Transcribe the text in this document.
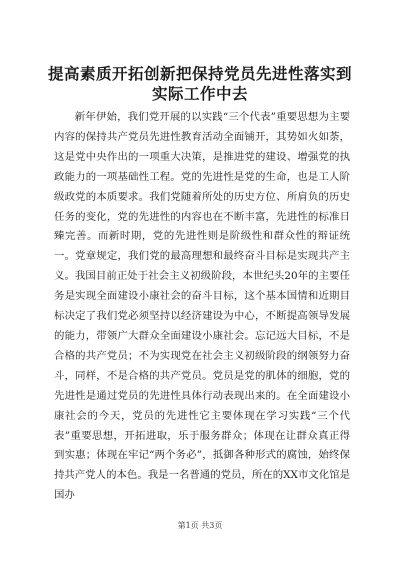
提高素质开拓创新把保持党员先进性落实到实际工作中去

新年伊始，我们党开展的以实践“三个代表”重要思想为主要内容的保持共产党员先进性教育活动全面铺开，其势如火如荼，这是党中央作出的一项重大决策，是推进党的建设、增强党的执政能力的一项基础性工程。党的先进性是党的生命，也是工人阶级政党的本质要求。我们党随着所处的历史方位、所肩负的历史任务的变化，党的先进性的内容也在不断丰富，先进性的标准日臻完善。而新时期，党的先进性则是阶级性和群众性的辩证统一。党章规定，我们党的最高理想和最终奋斗目标是实现共产主义。我国目前正处于社会主义初级阶段，本世纪头20年的主要任务是实现全面建设小康社会的奋斗目标，这个基本国情和近期目标决定了我们党必须坚持以经济建设为中心，不断提高领导发展的能力，带领广大群众全面建设小康社会。忘记远大目标，不是合格的共产党员；不为实现党在社会主义初级阶段的纲领努力奋斗，同样，不是合格的共产党员。党员是党的肌体的细胞，党的先进性是通过党员的先进性具体行动表现出来的。在全面建设小康社会的今天，党员的先进性它主要体现在学习实践“三个代表”重要思想，开拓进取，乐于服务群众；体现在让群众真正得到实惠；体现在牢记“两个务必”，抵御各种形式的腐蚀，始终保持共产党人的本色。我是一名普通的党员，所在的XX市文化馆是国办

第1页 共3页
